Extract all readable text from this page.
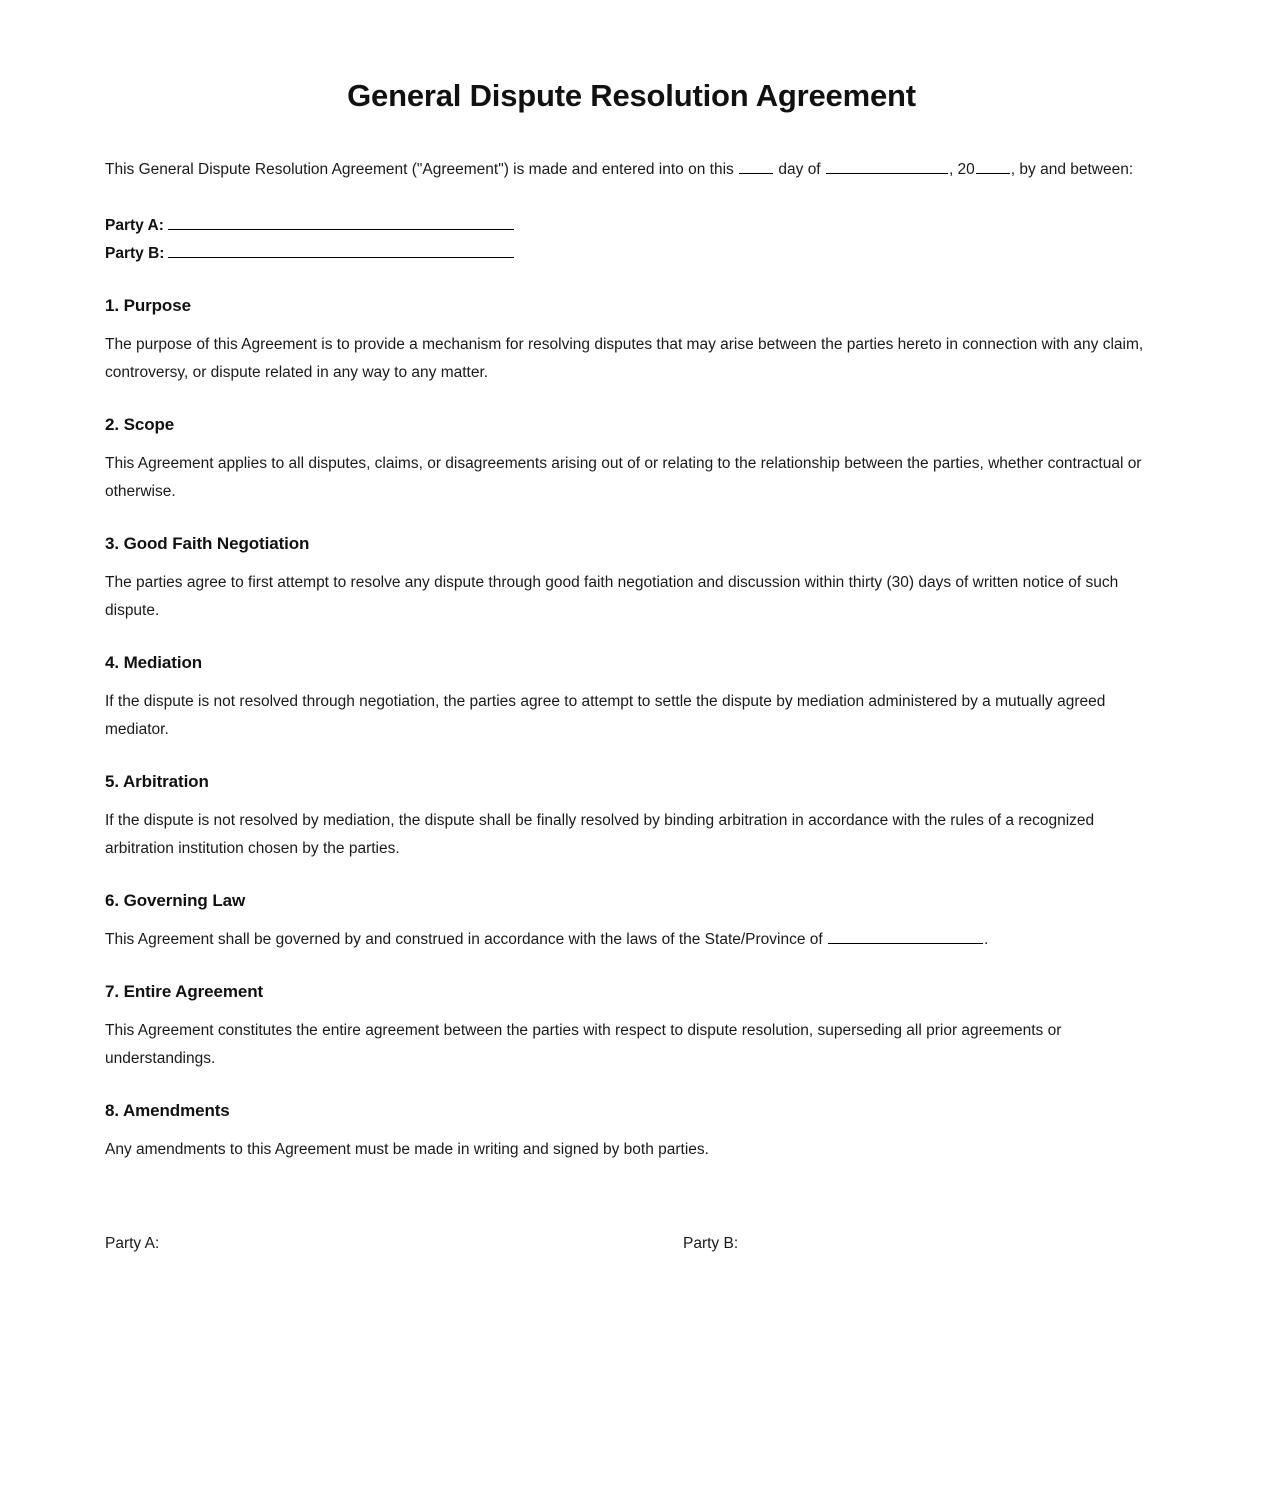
General Dispute Resolution Agreement

This General Dispute Resolution Agreement ("Agreement") is made and entered into on this	day of	, 20 , by and between:

Party A:
Party B:
1. Purpose

The purpose of this Agreement is to provide a mechanism for resolving disputes that may arise between the parties hereto in connection with any claim, controversy, or dispute related in any way to any matter.

2. Scope

This Agreement applies to all disputes, claims, or disagreements arising out of or relating to the relationship between the parties, whether contractual or otherwise.

3. Good Faith Negotiation

The parties agree to first attempt to resolve any dispute through good faith negotiation and discussion within thirty (30) days of written notice of such dispute.

4. Mediation

If the dispute is not resolved through negotiation, the parties agree to attempt to settle the dispute by mediation administered by a mutually agreed mediator.

5. Arbitration

If the dispute is not resolved by mediation, the dispute shall be finally resolved by binding arbitration in accordance with the rules of a recognized arbitration institution chosen by the parties.

6. Governing Law

This Agreement shall be governed by and construed in accordance with the laws of the State/Province of	.

7. Entire Agreement

This Agreement constitutes the entire agreement between the parties with respect to dispute resolution, superseding all prior agreements or understandings.

8. Amendments

Any amendments to this Agreement must be made in writing and signed by both parties.

Party A:	Party B:
